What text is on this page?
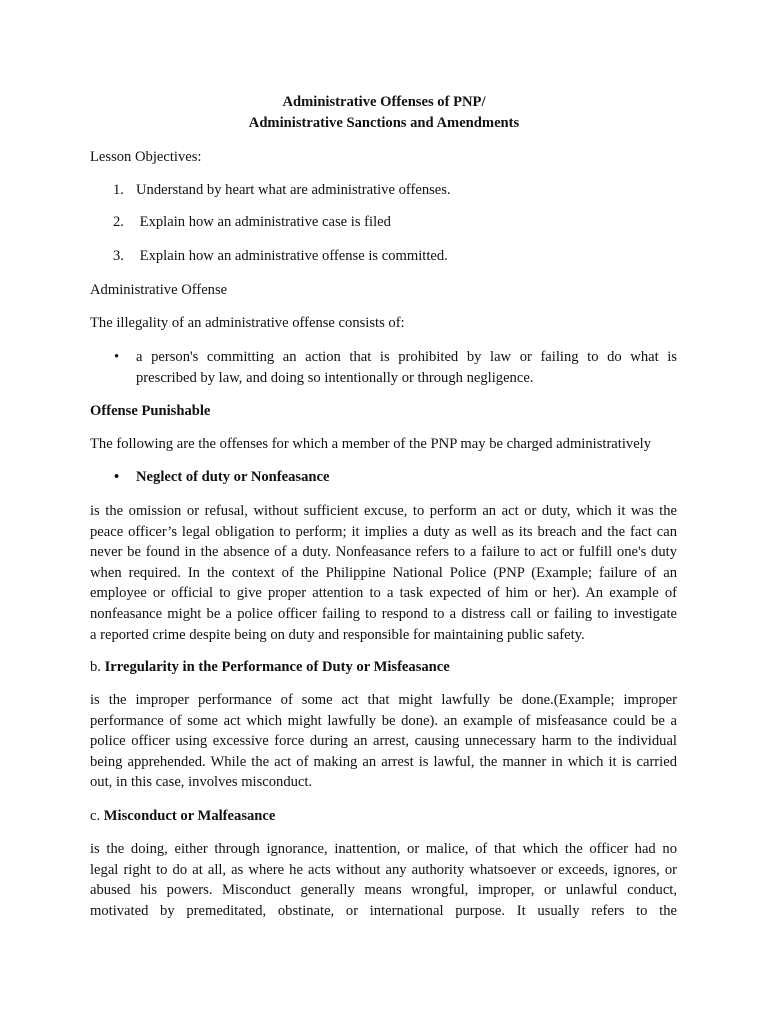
Administrative Offenses of PNP/
Administrative Sanctions and Amendments
Lesson Objectives:
1. Understand by heart what are administrative offenses.
2. Explain how an administrative case is filed
3. Explain how an administrative offense is committed.
Administrative Offense
The illegality of an administrative offense consists of:
• a person's committing an action that is prohibited by law or failing to do what is
prescribed by law, and doing so intentionally or through negligence.
Offense Punishable
The following are the offenses for which a member of the PNP may be charged administratively
• Neglect of duty or Nonfeasance
is the omission or refusal, without sufficient excuse, to perform an act or duty, which it was the
peace officer’s legal obligation to perform; it implies a duty as well as its breach and the fact can
never be found in the absence of a duty. Nonfeasance refers to a failure to act or fulfill one's duty
when required. In the context of the Philippine National Police (PNP (Example; failure of an
employee or official to give proper attention to a task expected of him or her). An example of
nonfeasance might be a police officer failing to respond to a distress call or failing to investigate
a reported crime despite being on duty and responsible for maintaining public safety.
b. Irregularity in the Performance of Duty or Misfeasance
is the improper performance of some act that might lawfully be done.(Example; improper
performance of some act which might lawfully be done). an example of misfeasance could be a
police officer using excessive force during an arrest, causing unnecessary harm to the individual
being apprehended. While the act of making an arrest is lawful, the manner in which it is carried
out, in this case, involves misconduct.
c. Misconduct or Malfeasance
is the doing, either through ignorance, inattention, or malice, of that which the officer had no
legal right to do at all, as where he acts without any authority whatsoever or exceeds, ignores, or
abused his powers. Misconduct generally means wrongful, improper, or unlawful conduct,
motivated by premeditated, obstinate, or international purpose. It usually refers to the
